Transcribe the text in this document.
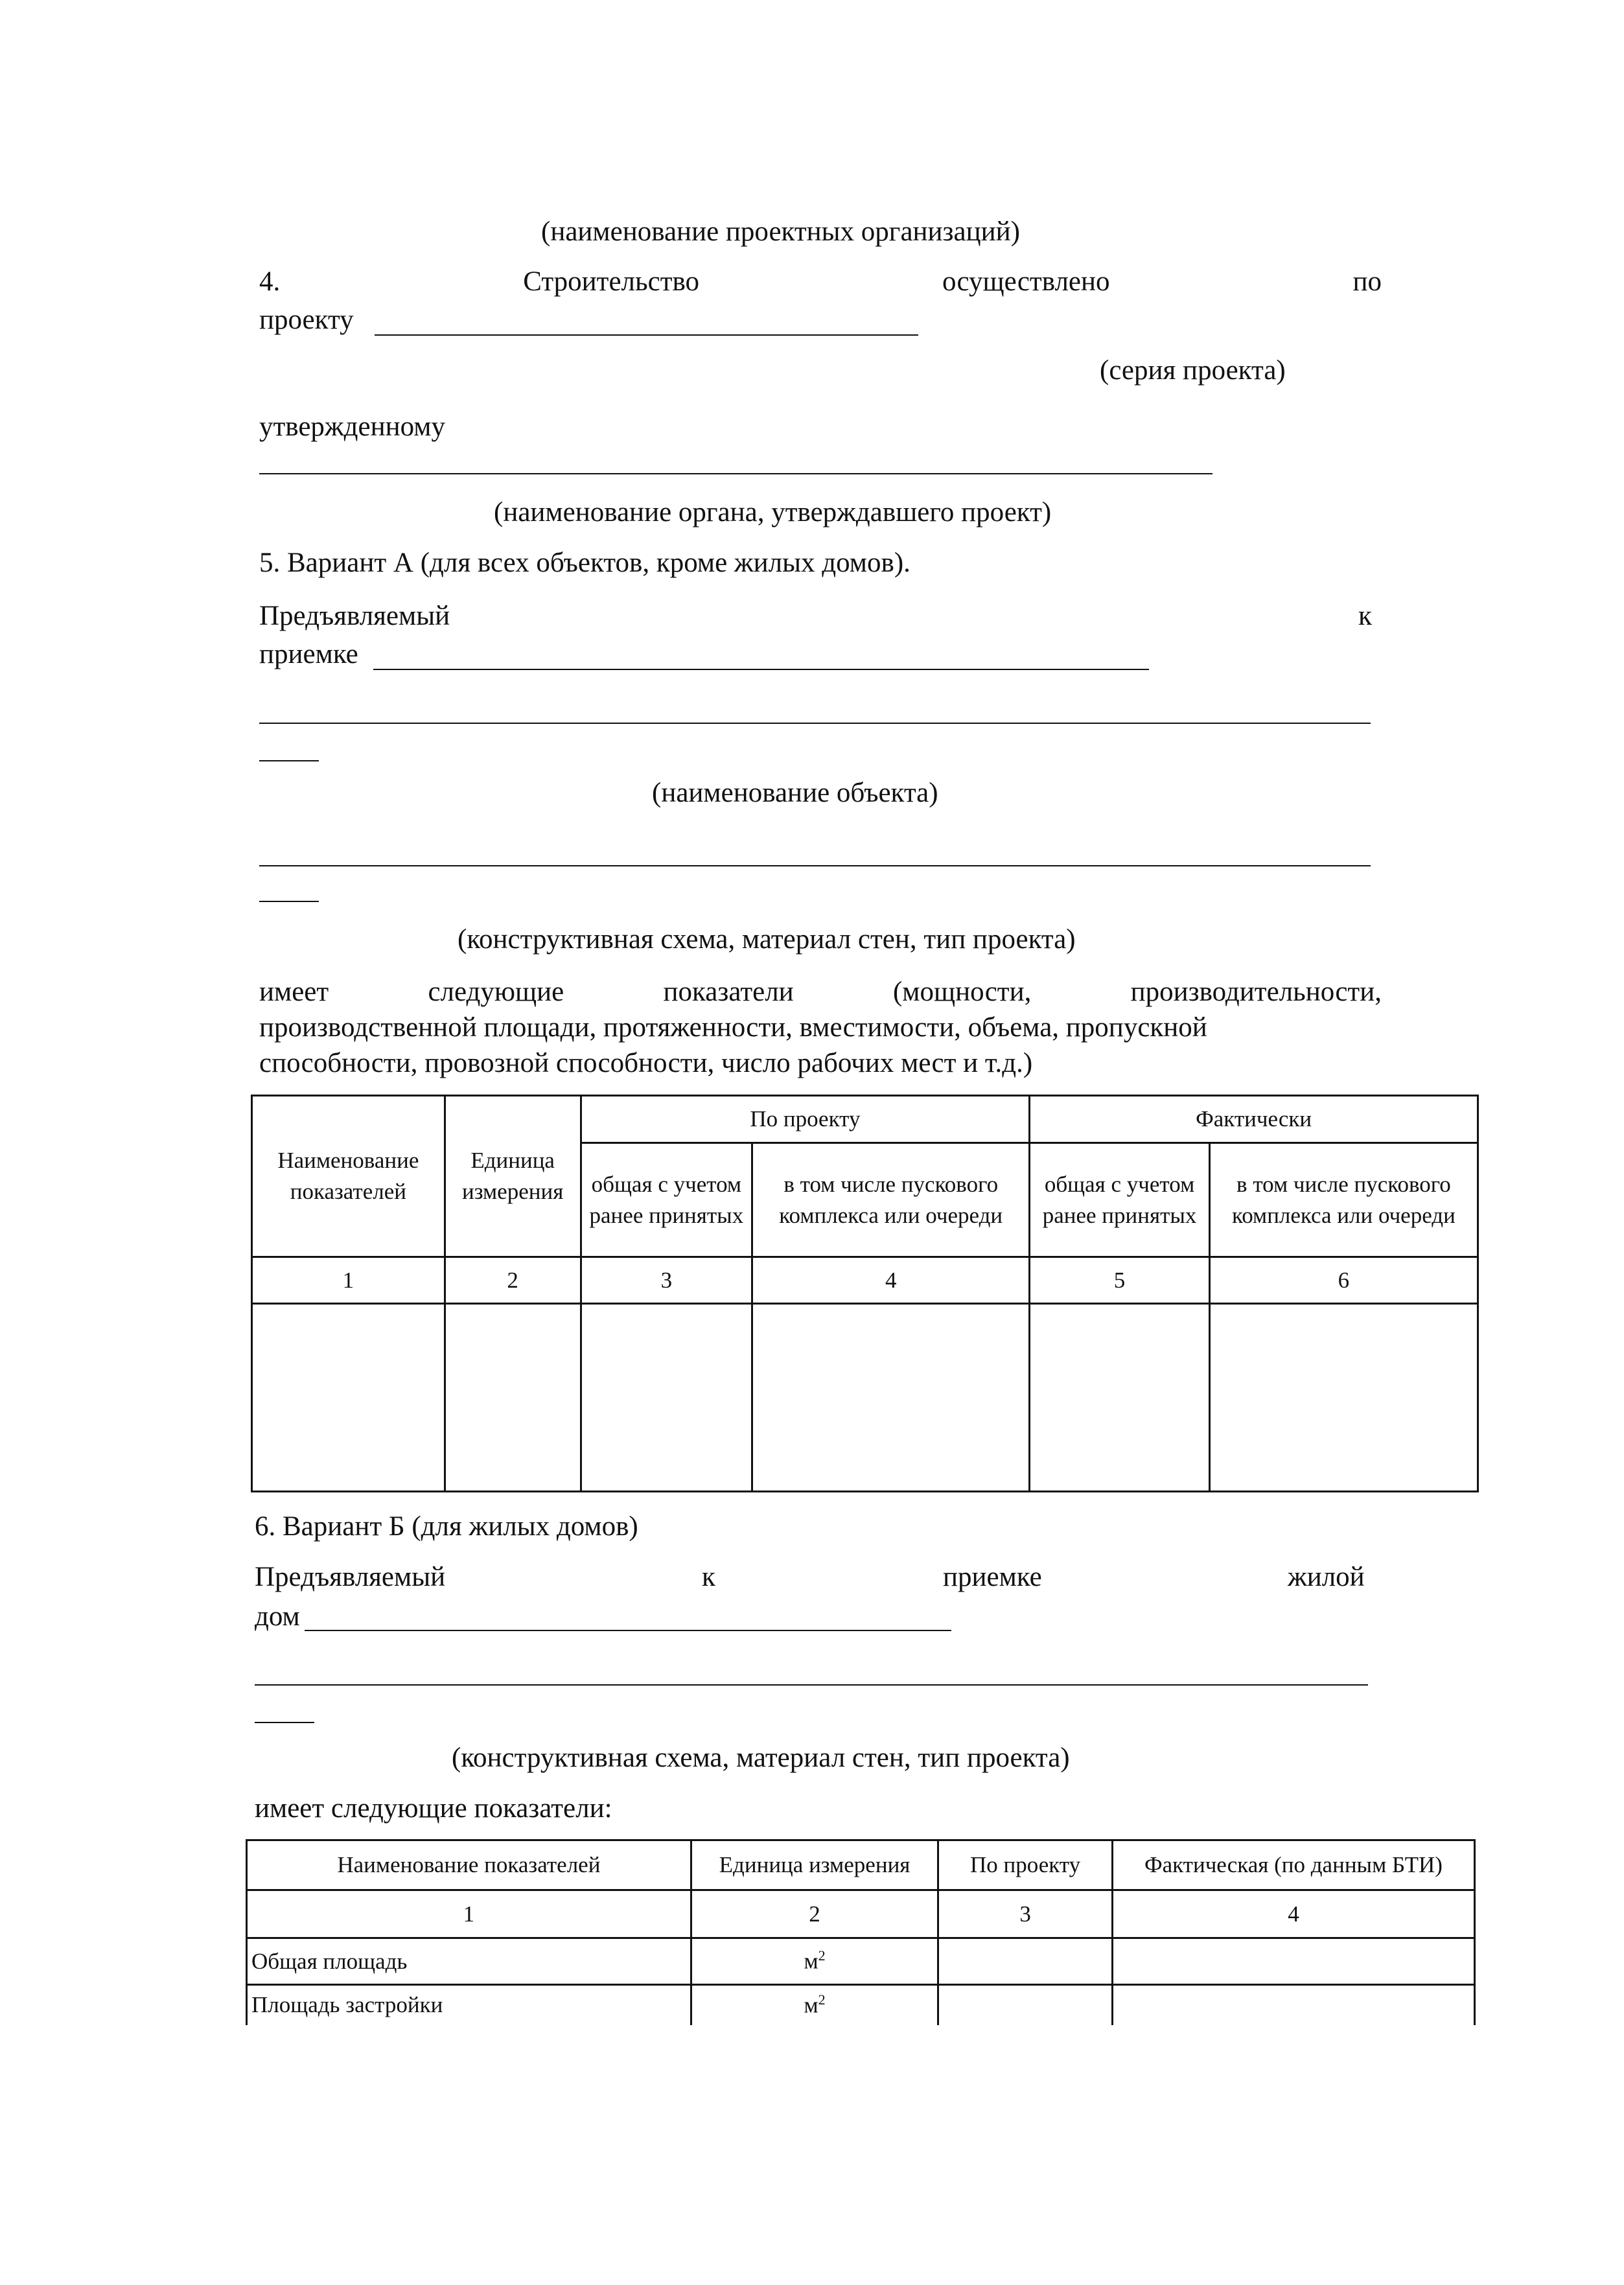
(наименование проектных организаций)
4.	Строительство	осуществлено	по
проекту
(серия проекта)
утвержденному
(наименование органа, утверждавшего проект)
5. Вариант А (для всех объектов, кроме жилых домов).
Предъявляемый	к
приемке
(наименование объекта)
(конструктивная схема, материал стен, тип проекта)
имеет	следующие	показатели	(мощности,	производительности,
производственной площади, протяженности, вместимости, объема, пропускной
способности, провозной способности, число рабочих мест и т.д.)
Наименование показателей	Единица измерения	По проекту		Фактически	
		общая с учетом ранее принятых	в том числе пускового комплекса или очереди	общая с учетом ранее принятых	в том числе пускового комплекса или очереди
1	2	3	4	5	6

6. Вариант Б (для жилых домов)
Предъявляемый	к	приемке	жилой
дом
(конструктивная схема, материал стен, тип проекта)
имеет следующие показатели:
Наименование показателей	Единица измерения	По проекту	Фактическая (по данным БТИ)
1	2	3	4
Общая площадь	$м^2$		
Площадь застройки	$м^2$		
